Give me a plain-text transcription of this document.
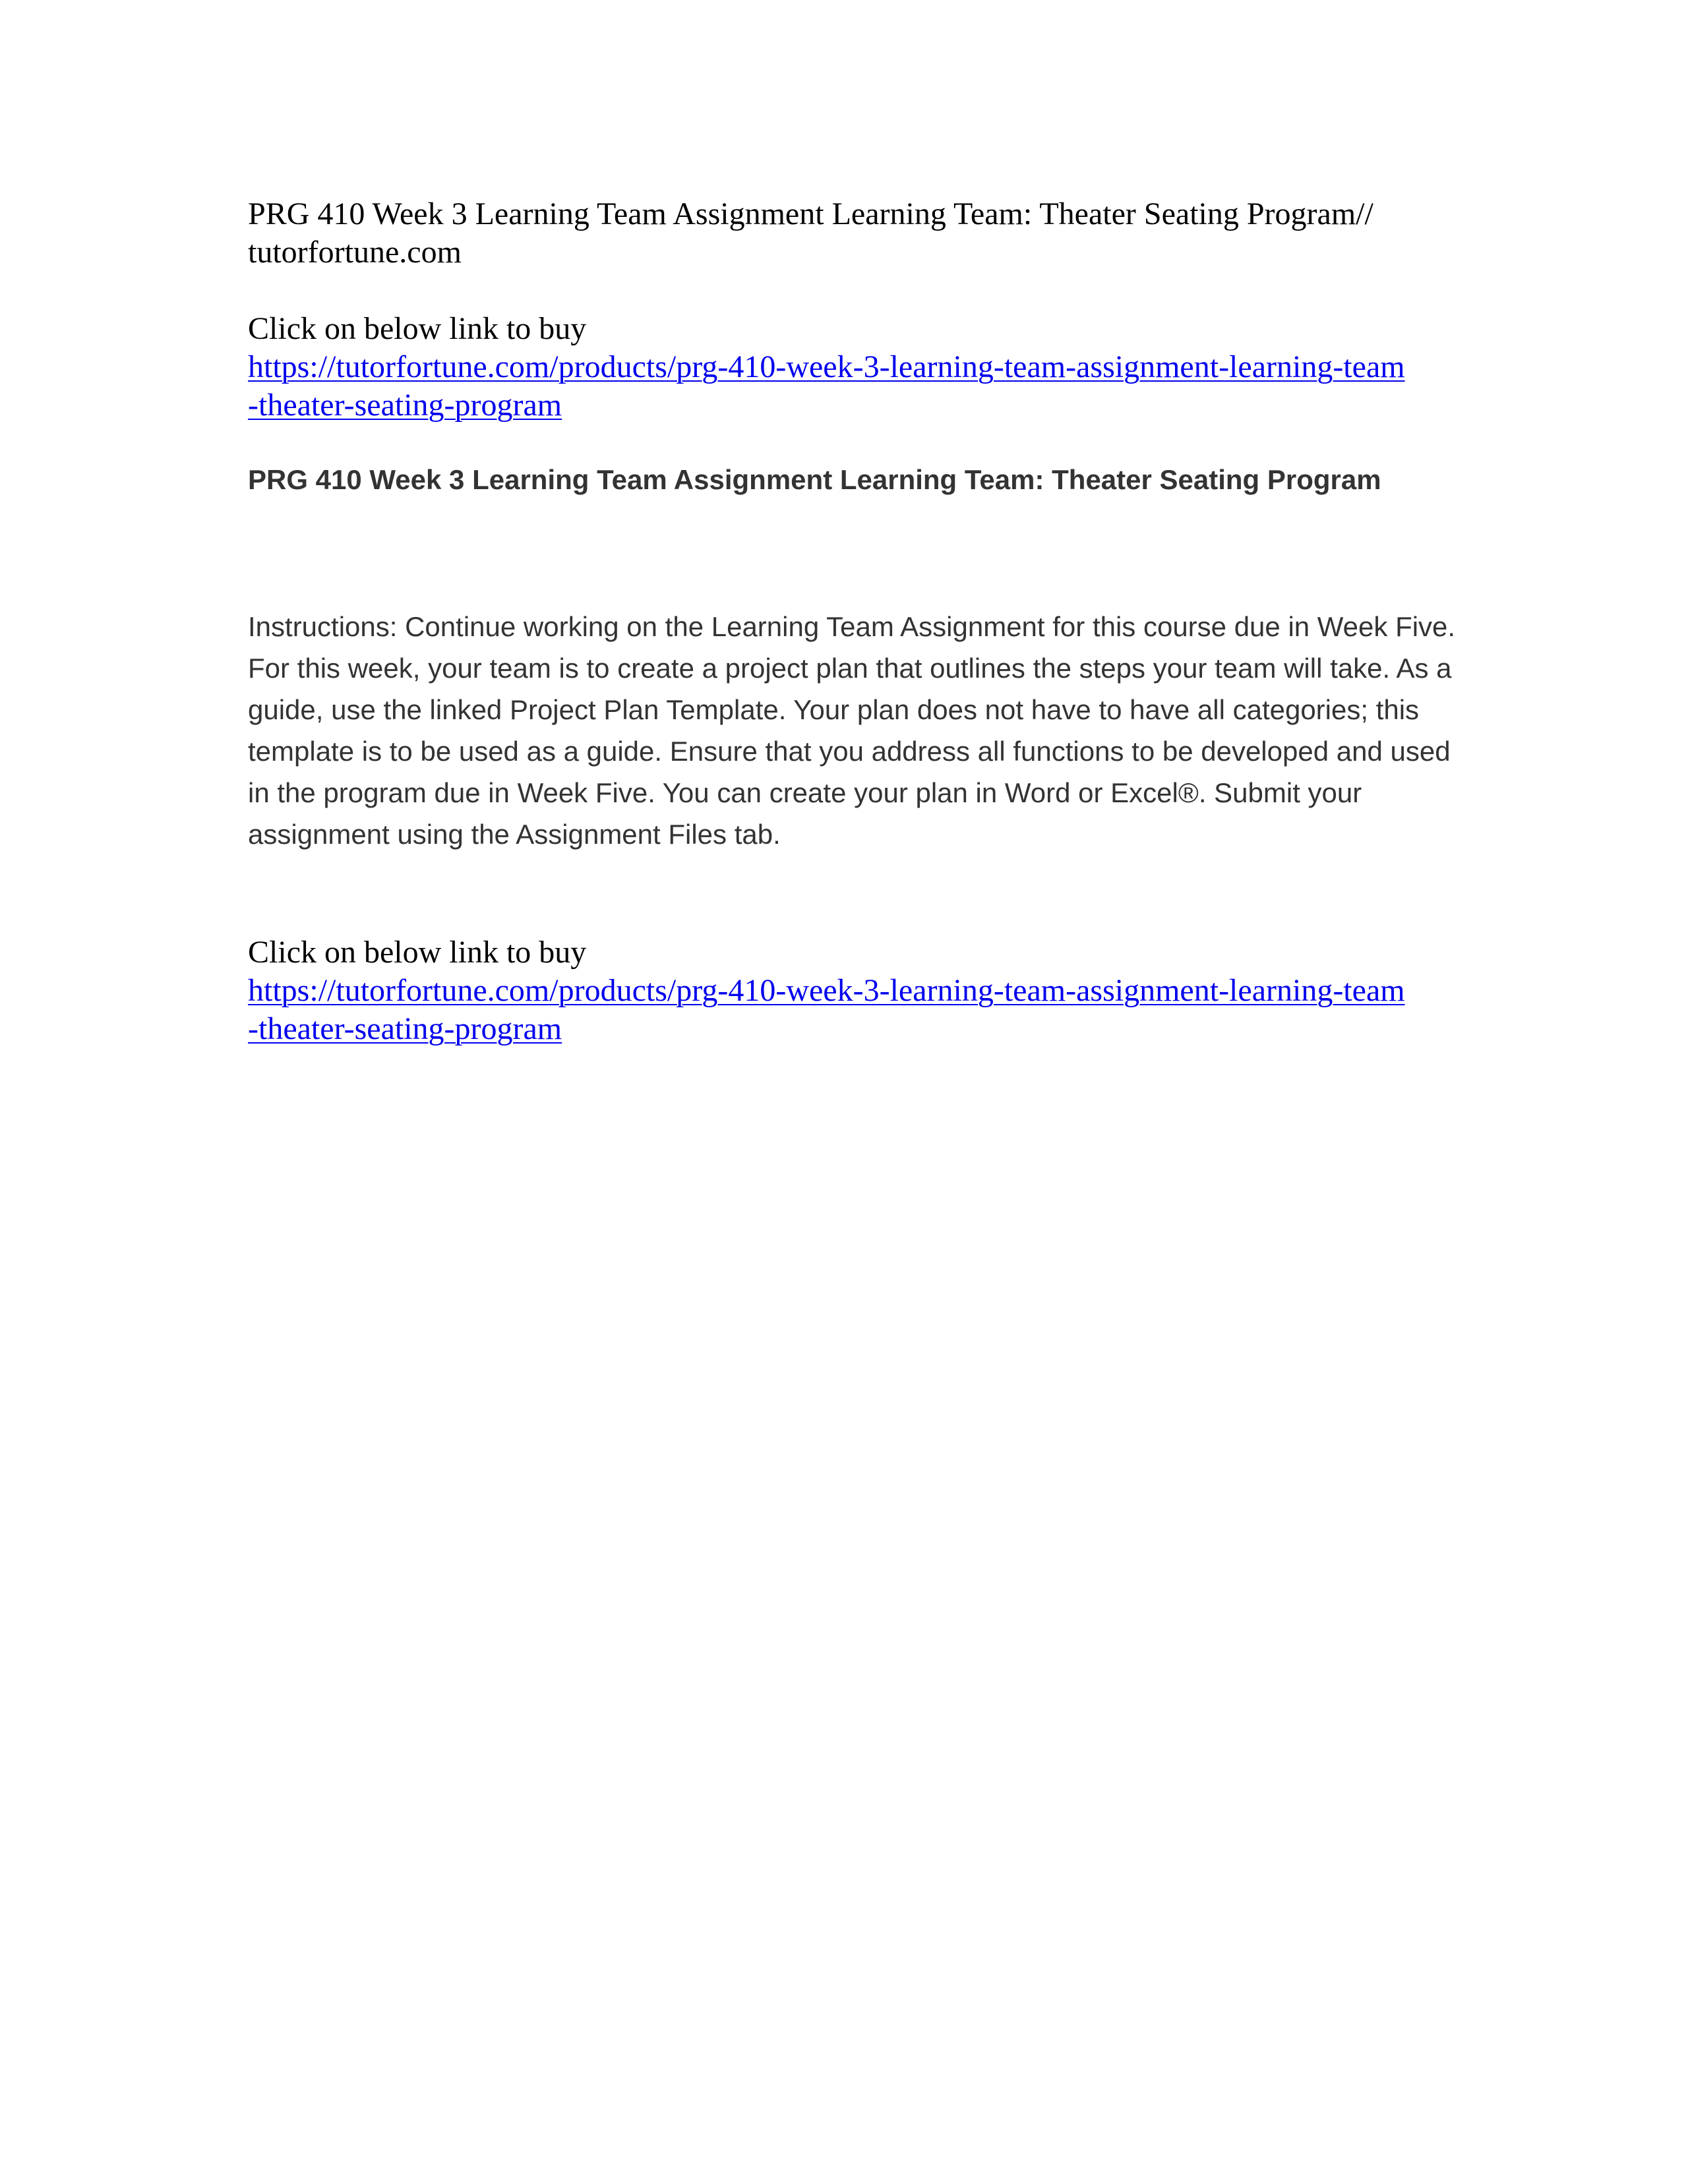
PRG 410 Week 3 Learning Team Assignment Learning Team: Theater Seating Program// tutorfortune.com
Click on below link to buy
https://tutorfortune.com/products/prg-410-week-3-learning-team-assignment-learning-team-theater-seating-program
PRG 410 Week 3 Learning Team Assignment Learning Team: Theater Seating Program

Instructions: Continue working on the Learning Team Assignment for this course due in Week Five. For this week, your team is to create a project plan that outlines the steps your team will take. As a guide, use the linked Project Plan Template. Your plan does not have to have all categories; this template is to be used as a guide. Ensure that you address all functions to be developed and used in the program due in Week Five. You can create your plan in Word or Excel®. Submit your assignment using the Assignment Files tab.

Click on below link to buy
https://tutorfortune.com/products/prg-410-week-3-learning-team-assignment-learning-team-theater-seating-program
